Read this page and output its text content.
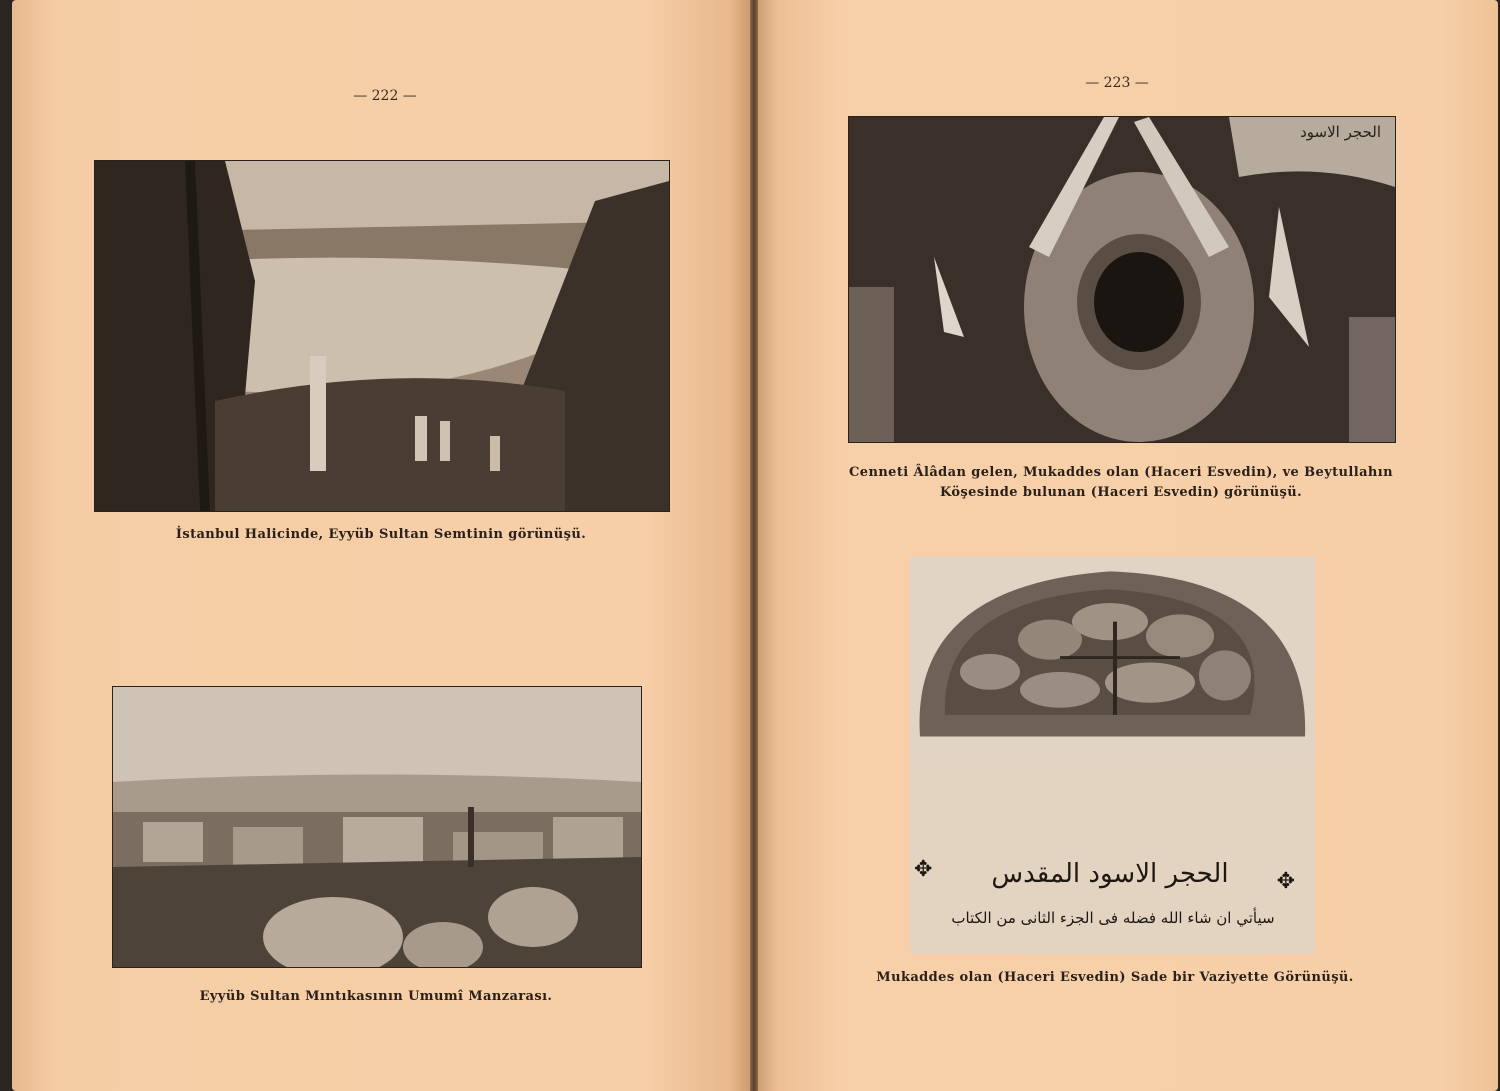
— 222 —
İstanbul Halicinde, Eyyüb Sultan Semtinin görünüşü.
Eyyüb Sultan Mıntıkasının Umumî Manzarası.
— 223 —
الحجر الاسود
Cenneti Âlâdan gelen, Mukaddes olan (Haceri Esvedin), ve Beytullahın
Köşesinde bulunan (Haceri Esvedin) görünüşü.
✥	✥
الحجر الاسود المقدس
سيأتي ان شاء الله فضله فى الجزء الثانى من الكتاب
Mukaddes olan (Haceri Esvedin) Sade bir Vaziyette Görünüşü.
